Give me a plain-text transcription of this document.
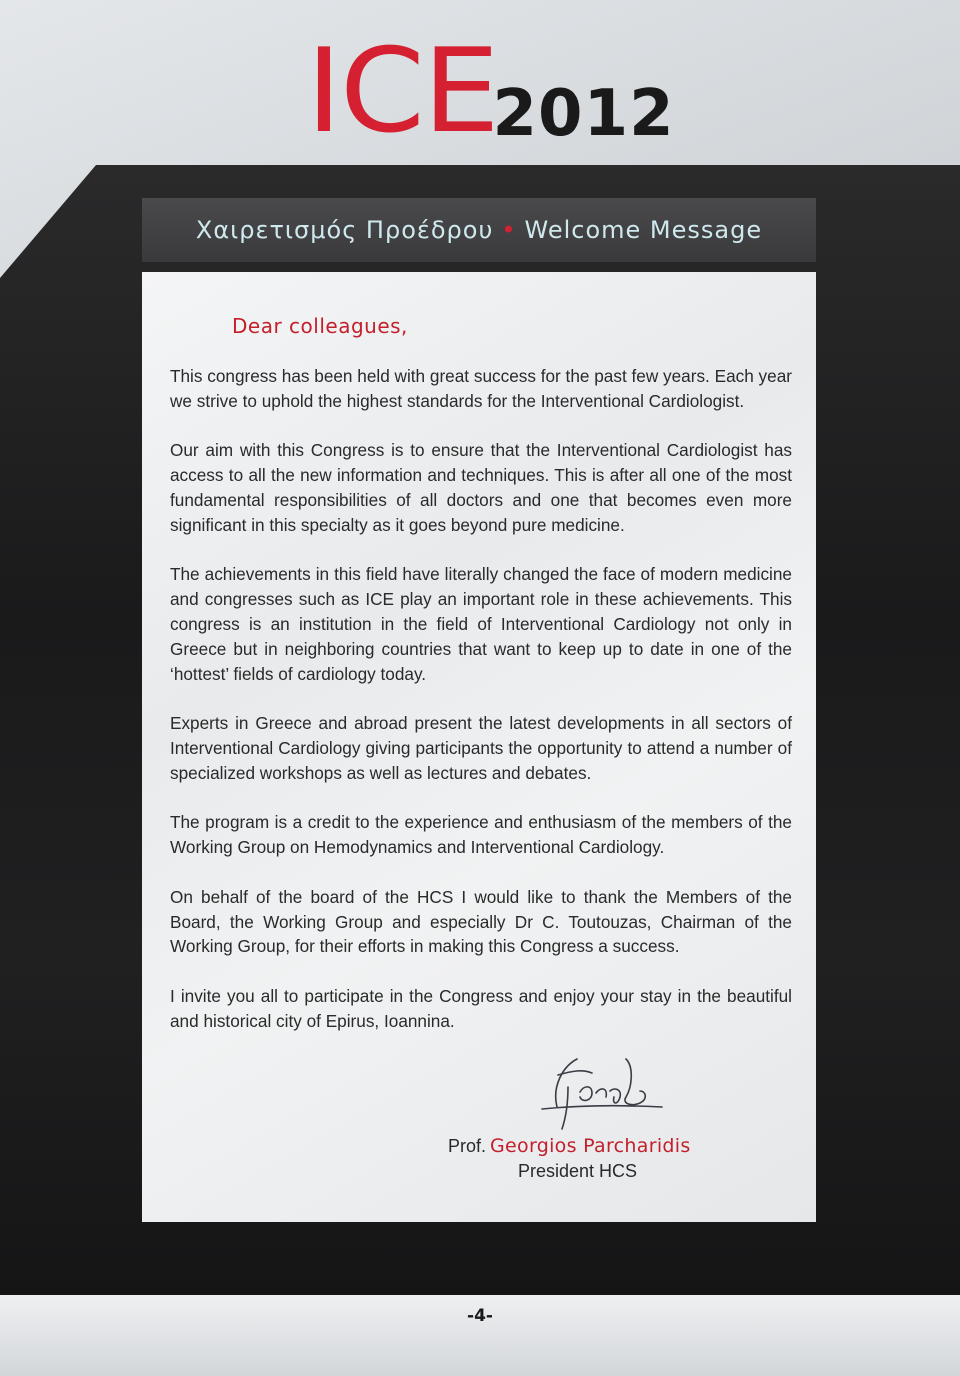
ICE
2012
Χαιρετισμός Προέδρου • Welcome Message
Dear colleagues,

This congress has been held with great success for the past few years. Each year we strive to uphold the highest standards for the Interventional Cardiologist.

Our aim with this Congress is to ensure that the Interventional Cardiologist has access to all the new information and techniques. This is after all one of the most fundamental responsibilities of all doctors and one that becomes even more significant in this specialty as it goes beyond pure medicine.

The achievements in this field have literally changed the face of modern medicine and congresses such as ICE play an important role in these achievements. This congress is an institution in the field of Interventional Cardiology not only in Greece but in neighboring countries that want to keep up to date in one of the ‘hottest’ fields of cardiology today.

Experts in Greece and abroad present the latest developments in all sectors of Interventional Cardiology giving participants the opportunity to attend a number of specialized workshops as well as lectures and debates.

The program is a credit to the experience and enthusiasm of the members of the Working Group on Hemodynamics and Interventional Cardiology.

On behalf of the board of the HCS I would like to thank the Members of the Board, the Working Group and especially Dr C. Toutouzas, Chairman of the Working Group, for their efforts in making this Congress a success.

I invite you all to participate in the Congress and enjoy your stay in the beautiful and historical city of Epirus, Ioannina.

Prof. Georgios Parcharidis
President HCS
-4-
